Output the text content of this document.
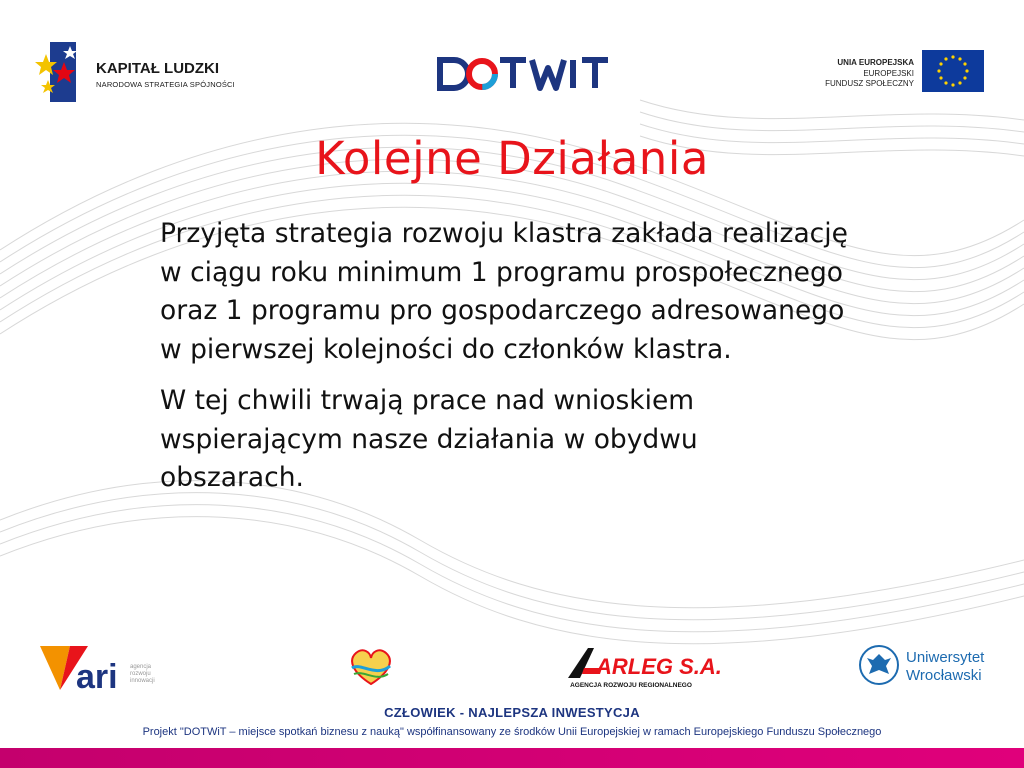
KAPITAŁ LUDZKI
NARODOWA STRATEGIA SPÓJNOŚCI
UNIA EUROPEJSKA
EUROPEJSKI
FUNDUSZ SPOŁECZNY
Kolejne Działania

Przyjęta strategia rozwoju klastra zakłada realizację w ciągu roku minimum 1 programu prospołecznego oraz 1 programu pro gospodarczego adresowanego w pierwszej kolejności do członków klastra.

W tej chwili trwają prace nad wnioskiem wspierającym nasze działania w obydwu obszarach.

ari agencja
rozwoju
innowacji
ARLEG S.A.
AGENCJA ROZWOJU REGIONALNEGO
Uniwersytet
Wrocławski
CZŁOWIEK - NAJLEPSZA INWESTYCJA
Projekt "DOTWiT – miejsce spotkań biznesu z nauką" współfinansowany ze środków Unii Europejskiej w ramach Europejskiego Funduszu Społecznego
